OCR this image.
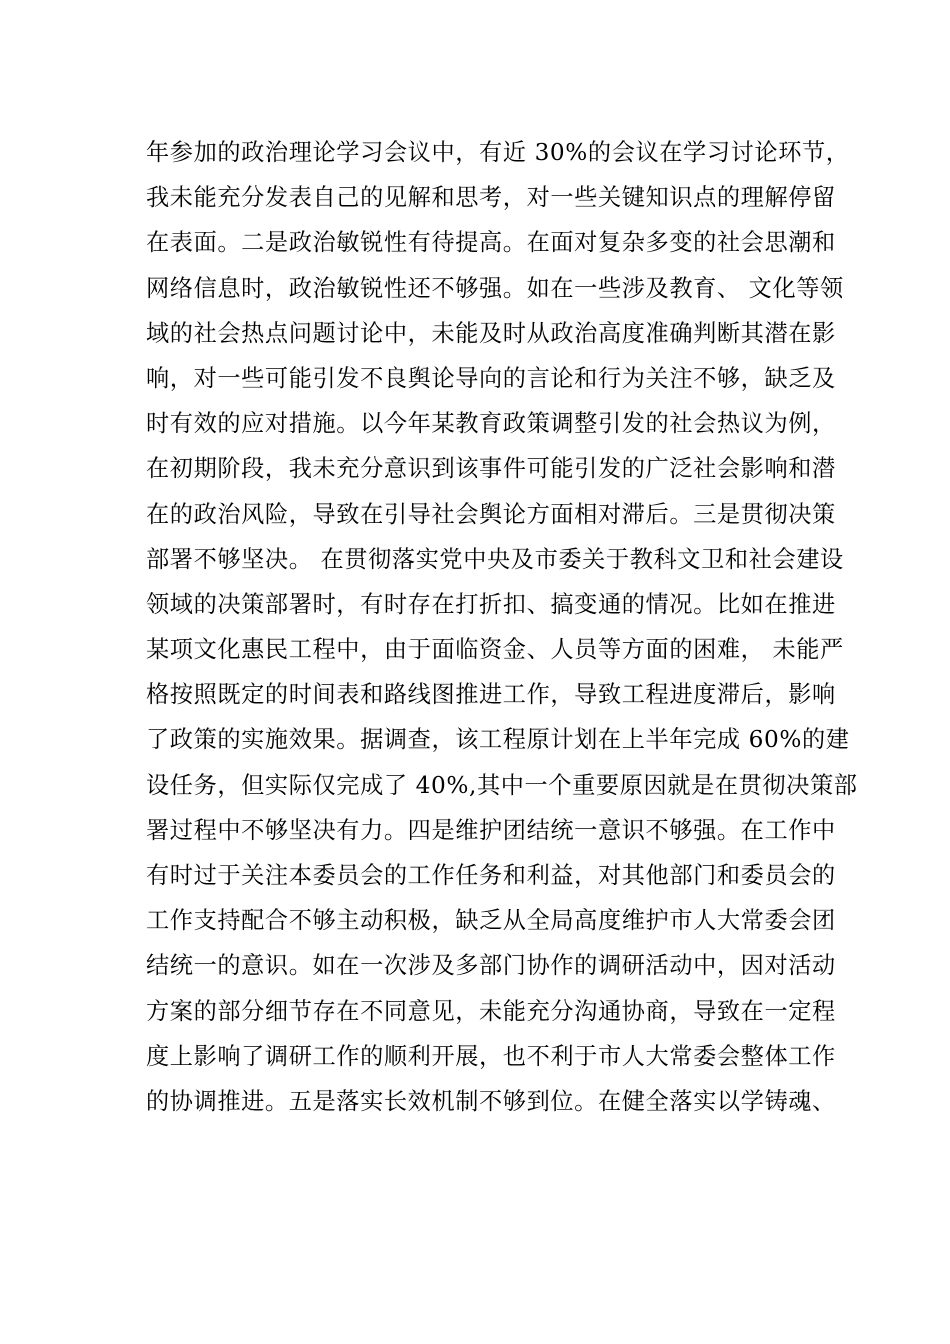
年参加的政治理论学习会议中，有近 30%的会议在学习讨论环节，
我未能充分发表自己的见解和思考，对一些关键知识点的理解停留
在表面。二是政治敏锐性有待提高。在面对复杂多变的社会思潮和
网络信息时，政治敏锐性还不够强。如在一些涉及教育、 文化等领
域的社会热点问题讨论中，未能及时从政治高度准确判断其潜在影
响，对一些可能引发不良舆论导向的言论和行为关注不够，缺乏及
时有效的应对措施。以今年某教育政策调整引发的社会热议为例，
在初期阶段，我未充分意识到该事件可能引发的广泛社会影响和潜
在的政治风险，导致在引导社会舆论方面相对滞后。三是贯彻决策
部署不够坚决。 在贯彻落实党中央及市委关于教科文卫和社会建设
领域的决策部署时，有时存在打折扣、搞变通的情况。比如在推进
某项文化惠民工程中，由于面临资金、人员等方面的困难， 未能严
格按照既定的时间表和路线图推进工作，导致工程进度滞后，影响
了政策的实施效果。据调查，该工程原计划在上半年完成 60%的建
设任务，但实际仅完成了 40%,其中一个重要原因就是在贯彻决策部
署过程中不够坚决有力。四是维护团结统一意识不够强。在工作中
有时过于关注本委员会的工作任务和利益，对其他部门和委员会的
工作支持配合不够主动积极，缺乏从全局高度维护市人大常委会团
结统一的意识。如在一次涉及多部门协作的调研活动中，因对活动
方案的部分细节存在不同意见，未能充分沟通协商，导致在一定程
度上影响了调研工作的顺利开展，也不利于市人大常委会整体工作
的协调推进。五是落实长效机制不够到位。在健全落实以学铸魂、
